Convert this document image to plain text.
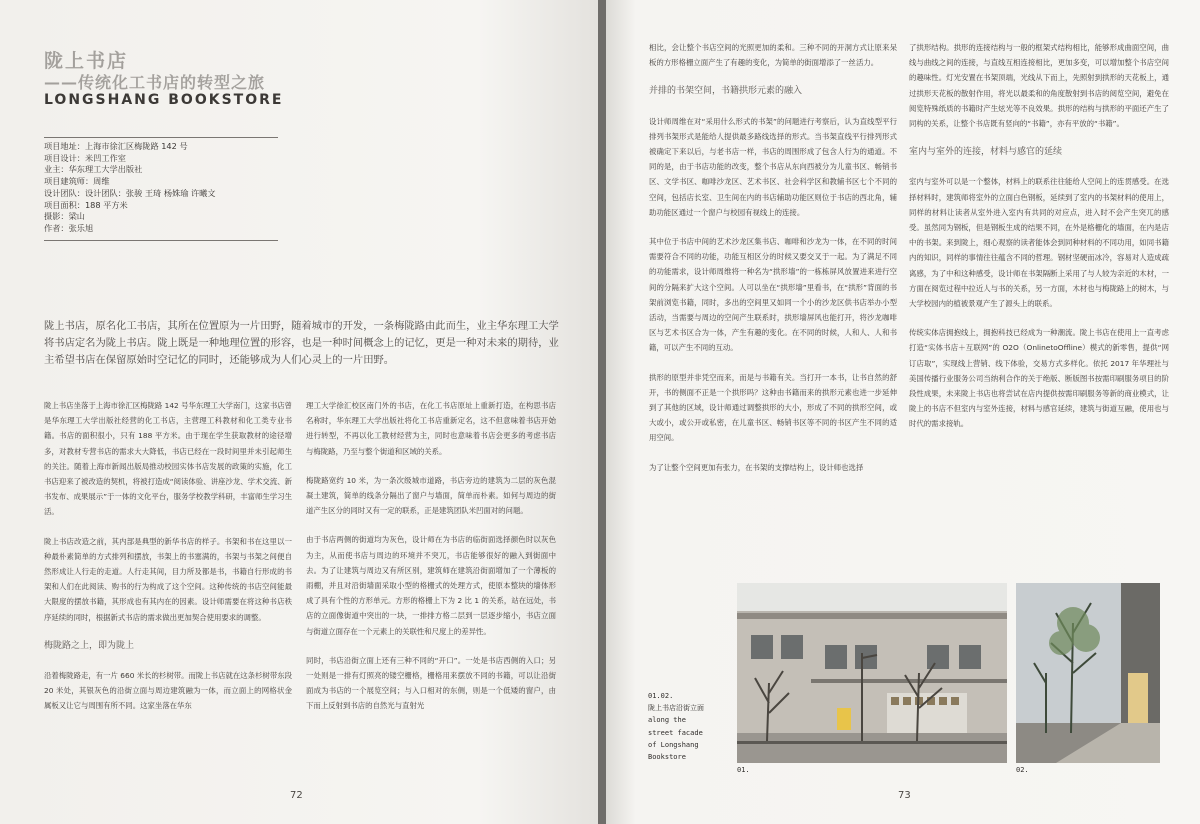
陇上书店
——传统化工书店的转型之旅
LONGSHANG BOOKSTORE
项目地址：上海市徐汇区梅陇路 142 号
项目设计：米凹工作室
业主：华东理工大学出版社
项目建筑师：周维
设计团队：设计团队：张骏 王琦 杨姝瑜 许曦文
项目面积：188 平方米
摄影：梁山
作者：张乐旭
陇上书店，原名化工书店，其所在位置原为一片田野，随着城市的开发，一条梅陇路由此而生，业主华东理工大学将书店定名为陇上书店。陇上既是一种地理位置的形容，也是一种时间概念上的记忆，更是一种对未来的期待，业主希望书店在保留原始时空记忆的同时，还能够成为人们心灵上的一片田野。

陇上书店坐落于上海市徐汇区梅陇路 142 号华东理工大学南门，这家书店曾是华东理工大学出版社经营的化工书店，主营理工科教材和化工类专业书籍。书店的面积很小，只有 188 平方米。由于现在学生获取教材的途径增多，对教材专营书店的需求大大降低，书店已经在一段时间里并未引起师生的关注。随着上海市新闻出版局推动校园实体书店发展的政策的实施，化工书店迎来了被改造的契机，将被打造成“阅读体验、讲座沙龙、学术交流、新书发布、成果展示”于一体的文化平台，服务学校教学科研，丰富师生学习生活。

陇上书店改造之前，其内部是典型的新华书店的样子。书架和书在这里以一种最朴素简单的方式排列和摆放，书架上的书塞满的，书架与书架之间便自然形成让人行走的走道。人行走其间，目力所及都是书，书籍自行形成的书架和人们在此阅读、购书的行为构成了这个空间。这种传统的书店空间能最大限度的摆放书籍，其形成也有其内在的因素。设计师需要在将这种书店秩序延续的同时，根据新式书店的需求做出更加契合使用要求的调整。

梅陇路之上，即为陇上

沿着梅陇路走，有一片 660 米长的杉树带。而陇上书店就在这条杉树带东段 20 米处，其银灰色的沿街立面与周边建筑融为一体，而立面上的网格状金属板又让它与周围有所不同。这家坐落在华东

理工大学徐汇校区南门外的书店，在化工书店原址上重新打造，在构思书店名称时，华东理工大学出版社将化工书店重新定名，这不但意味着书店开始进行转型，不再以化工教材经营为主，同时也意味着书店会更多的考虑书店与梅陇路，乃至与整个街道和区域的关系。

梅陇路宽约 10 米，为一条次级城市道路，书店旁边的建筑为二层的灰色混凝土建筑，简单的线条分隔出了窗户与墙面，简单而朴素。如何与周边的街道产生区分的同时又有一定的联系，正是建筑团队米凹面对的问题。

由于书店两侧的街道均为灰色，设计师在为书店的临街面选择颜色时以灰色为主，从而使书店与周边的环境并不突兀，书店能够很好的融入到街面中去。为了让建筑与周边又有所区别，建筑师在建筑沿街面增加了一个薄板的雨棚，并且对沿街墙面采取小型的格栅式的处理方式，使原本整块的墙体形成了具有个性的方形单元。方形的格栅上下为 2 比 1 的关系，站在远处，书店的立面像街道中突出的一块，一排排方格二层到一层逐步缩小，书店立面与街道立面存在一个元素上的关联性和尺度上的差异性。

同时，书店沿街立面上还有三种不同的“开口”。一处是书店西侧的入口；另一处则是一排有灯照亮的镂空栅格，栅格用来摆放不同的书籍，可以让沿街面成为书店的一个展览空间；与入口相对的东侧，则是一个低矮的窗户，由下而上反射到书店的自然光与直射光

72

相比，会让整个书店空间的光照更加的柔和。三种不同的开洞方式让原来呆板的方形格栅立面产生了有趣的变化，为简单的街面增添了一丝活力。

并排的书架空间，书籍拱形元素的融入

设计师周维在对“采用什么形式的书架”的问题进行考察后，认为直线型平行排列书架形式是能给人提供最多路线选择的形式。当书架直线平行排列形式被确定下来以后，与老书店一样，书店的周围形成了包含人行为的通道。不同的是，由于书店功能的改变，整个书店从东向西被分为儿童书区、畅销书区、文学书区、咖啡沙龙区、艺术书区、社会科学区和教辅书区七个不同的空间，包括店长室、卫生间在内的书店辅助功能区则位于书店的西北角，辅助功能区通过一个窗户与校园有视线上的连接。

其中位于书店中间的艺术沙龙区集书店、咖啡和沙龙为一体，在不同的时间需要符合不同的功能，功能互相区分的时候又要交叉于一起。为了满足不同的功能需求，设计师周维将一种名为“拱形墙”的一栋栋屏风放置进来进行空间的分隔来扩大这个空间。人可以坐在“拱形墙”里看书，在“拱形”背面的书架前浏览书籍，同时，多出的空间里又如同一个小的沙龙区供书店举办小型活动，当需要与周边的空间产生联系时，拱形墙屏风也能打开，将沙龙咖啡区与艺术书区合为一体，产生有趣的变化。在不同的时候，人和人、人和书籍，可以产生不同的互动。

拱形的原型并非凭空而来，而是与书籍有关。当打开一本书，让书自然的舒开，书的侧面不正是一个拱形吗？这种由书籍而来的拱形元素也进一步延伸到了其他的区域，设计师通过调整拱形的大小，形成了不同的拱形空间，或大或小，或公开或私密，在儿童书区、畅销书区等不同的书区产生不同的适用空间。

为了让整个空间更加有张力，在书架的支撑结构上，设计师也选择

了拱形结构。拱形的连接结构与一般的框架式结构相比，能够形成曲面空间，曲线与曲线之间的连接，与直线互相连接相比，更加多变，可以增加整个书店空间的趣味性。灯光安置在书架顶端，光线从下而上，先照射到拱形的天花板上，通过拱形天花板的散射作用，将光以最柔和的角度散射到书店的阅览空间，避免在阅览特殊纸质的书籍时产生炫光等不良效果。拱形的结构与拱形的平面还产生了同构的关系，让整个书店既有竖向的“书籍”，亦有平放的“书籍”。

室内与室外的连接，材料与感官的延续

室内与室外可以是一个整体，材料上的联系往往能给人空间上的连贯感受。在选择材料时，建筑师将室外的立面白色钢板，延续到了室内的书架材料的使用上，同样的材料让读者从室外进入室内有共同的对应点，进入时不会产生突兀的感受。虽然同为钢板，但是钢板生成的结果不同，在外是格栅化的墙面，在内是店中的书架。来到陇上，细心观察的读者能体会到同种材料的不同功用，如同书籍内的知识，同样的事情往往蕴含不同的哲理。钢材坚硬而冰冷，容易对人造成疏离感，为了中和这种感受，设计师在书架隔断上采用了与人较为亲近的木材，一方面在阅览过程中拉近人与书的关系，另一方面，木材也与梅陇路上的树木，与大学校园内的植被景观产生了源头上的联系。

传统实体店拥抱线上，拥抱科技已经成为一种潮流。陇上书店在使用上一直考虑打造“实体书店＋互联网”的 O2O（OnlinetoOffline）模式的新零售，提供“网订店取”，实现线上营销、线下体验，交易方式多样化。依托 2017 年华理社与美国传播行业服务公司当纳利合作的关于绝版、断版图书按需印刷服务项目的阶段性成果，未来陇上书店也将尝试在店内提供按需印刷服务等新的商业模式，让陇上的书店不但室内与室外连接，材料与感官延续，建筑与街道互融，使用也与时代的需求接轨。

73
01.02.
陇上书店沿街立面
along the
street facade
of Longshang
Bookstore
01.	02.
